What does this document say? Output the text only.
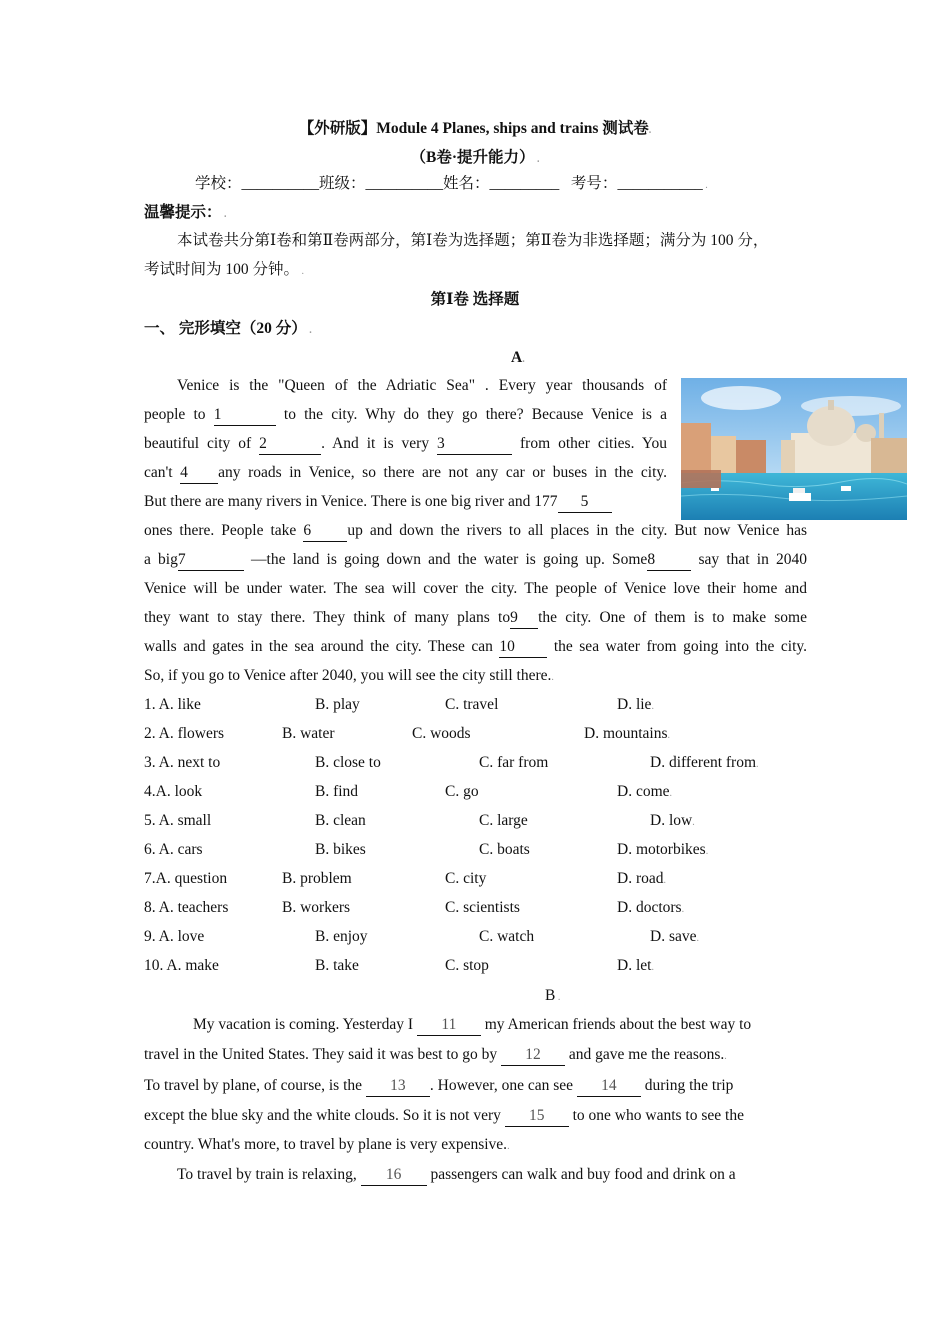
【外研版】Module 4 Planes, ships and trains 测试卷.
（B卷·提升能力） .
学校：__________班级：__________姓名：_________ 考号：___________ .
温馨提示： .
本试卷共分第Ⅰ卷和第Ⅱ卷两部分，第Ⅰ卷为选择题；第Ⅱ卷为非选择题；满分为 100 分，
考试时间为 100 分钟。 .
第Ⅰ卷 选择题
一、 完形填空（20 分） .
A.
Venice is the "Queen of the Adriatic Sea" . Every year thousands of
people to 1	to the city. Why do they go there? Because Venice is a
beautiful city of 2	. And it is very 3	from other cities. You
can't 4 any roads in Venice, so there are not any car or buses in the city.
But there are many rivers in Venice. There is one big river and 177 5
ones there. People take 6 up and down the rivers to all places in the city. But now Venice has
a big7	—the land is going down and the water is going up. Some8 say that in 2040
Venice will be under water. The sea will cover the city. The people of Venice love their home and
they want to stay there. They think of many plans to9 the city. One of them is to make some
walls and gates in the sea around the city. These can 10 the sea water from going into the city.
So, if you go to Venice after 2040, you will see the city still there..
1. A. like	B. play	C. travel	D. lie.
2. A. flowers	B. water	C. woods	D. mountains.
3. A. next to	B. close to	C. far from	D. different from.
4.A. look	B. find	C. go	D. come.
5. A. small	B. clean	C. large	D. low.
6. A. cars	B. bikes	C. boats	D. motorbikes.
7.A. question	B. problem	C. city	D. road.
8. A. teachers	B. workers	C. scientists	D. doctors.
9. A. love	B. enjoy	C. watch	D. save.
10. A. make	B. take	C. stop	D. let.
B .
My vacation is coming. Yesterday I 11 my American friends about the best way to
travel in the United States. They said it was best to go by 12 and gave me the reasons..
To travel by plane, of course, is the 13 . However, one can see 14 during the trip
except the blue sky and the white clouds. So it is not very 15 to one who wants to see the
country. What's more, to travel by plane is very expensive..
To travel by train is relaxing, 16 passengers can walk and buy food and drink on a
